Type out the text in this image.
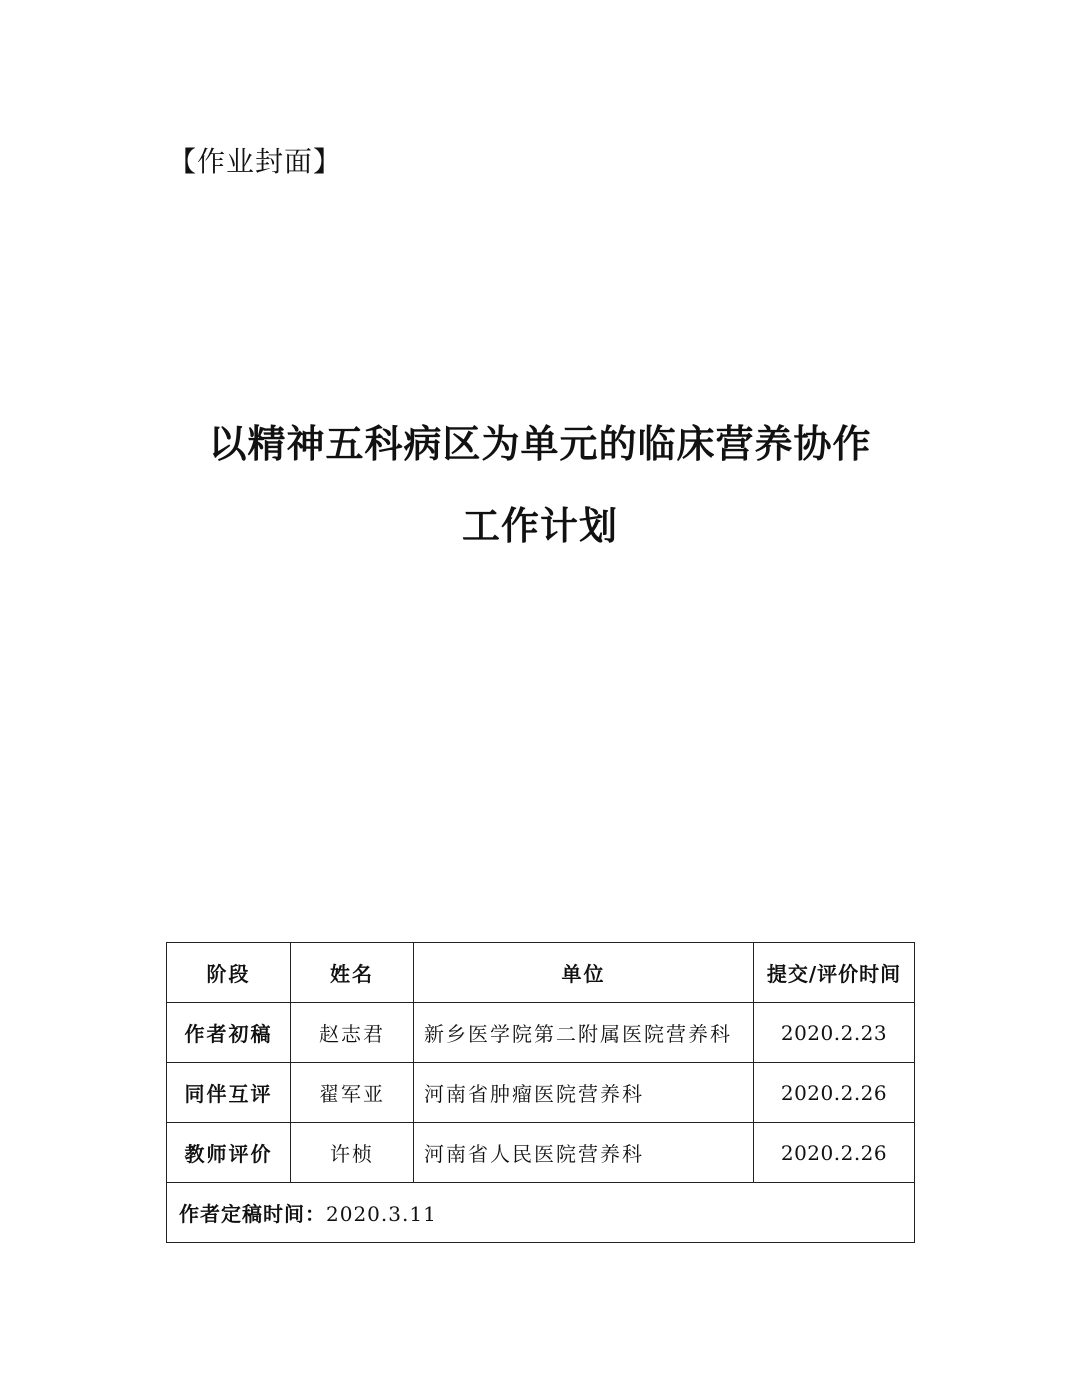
【作业封面】
以精神五科病区为单元的临床营养协作
工作计划
阶段	姓名	单位	提交/评价时间
作者初稿	赵志君	新乡医学院第二附属医院营养科	2020.2.23
同伴互评	翟军亚	河南省肿瘤医院营养科	2020.2.26
教师评价	许桢	河南省人民医院营养科	2020.2.26
作者定稿时间：2020.3.11			
